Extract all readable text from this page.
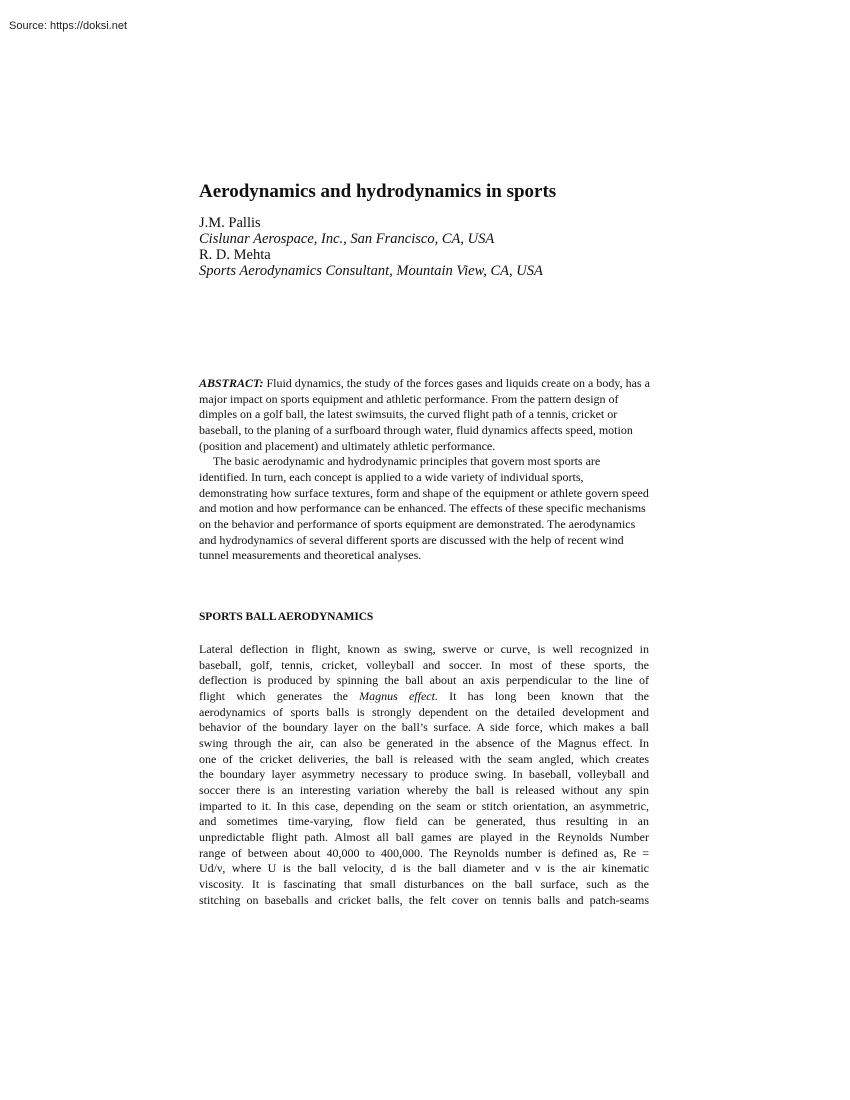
Source: https://doksi.net
Aerodynamics and hydrodynamics in sports
J.M. Pallis
Cislunar Aerospace, Inc., San Francisco, CA, USA
R. D. Mehta
Sports Aerodynamics Consultant, Mountain View, CA, USA

ABSTRACT: Fluid dynamics, the study of the forces gases and liquids create on a body, has a major impact on sports equipment and athletic performance. From the pattern design of dimples on a golf ball, the latest swimsuits, the curved flight path of a tennis, cricket or baseball, to the planing of a surfboard through water, fluid dynamics affects speed, motion (position and placement) and ultimately athletic performance.

The basic aerodynamic and hydrodynamic principles that govern most sports are identified. In turn, each concept is applied to a wide variety of individual sports, demonstrating how surface textures, form and shape of the equipment or athlete govern speed and motion and how performance can be enhanced. The effects of these specific mechanisms on the behavior and performance of sports equipment are demonstrated. The aerodynamics and hydrodynamics of several different sports are discussed with the help of recent wind tunnel measurements and theoretical analyses.

SPORTS BALL AERODYNAMICS
Lateral deflection in flight, known as swing, swerve or curve, is well recognized in
baseball, golf, tennis, cricket, volleyball and soccer. In most of these sports, the
deflection is produced by spinning the ball about an axis perpendicular to the line of
flight which generates the Magnus effect. It has long been known that the
aerodynamics of sports balls is strongly dependent on the detailed development and
behavior of the boundary layer on the ball’s surface. A side force, which makes a ball
swing through the air, can also be generated in the absence of the Magnus effect. In
one of the cricket deliveries, the ball is released with the seam angled, which creates
the boundary layer asymmetry necessary to produce swing. In baseball, volleyball and
soccer there is an interesting variation whereby the ball is released without any spin
imparted to it. In this case, depending on the seam or stitch orientation, an asymmetric,
and sometimes time-varying, flow field can be generated, thus resulting in an
unpredictable flight path. Almost all ball games are played in the Reynolds Number
range of between about 40,000 to 400,000. The Reynolds number is defined as, Re =
Ud/ν, where U is the ball velocity, d is the ball diameter and ν is the air kinematic
viscosity. It is fascinating that small disturbances on the ball surface, such as the
stitching on baseballs and cricket balls, the felt cover on tennis balls and patch-seams
